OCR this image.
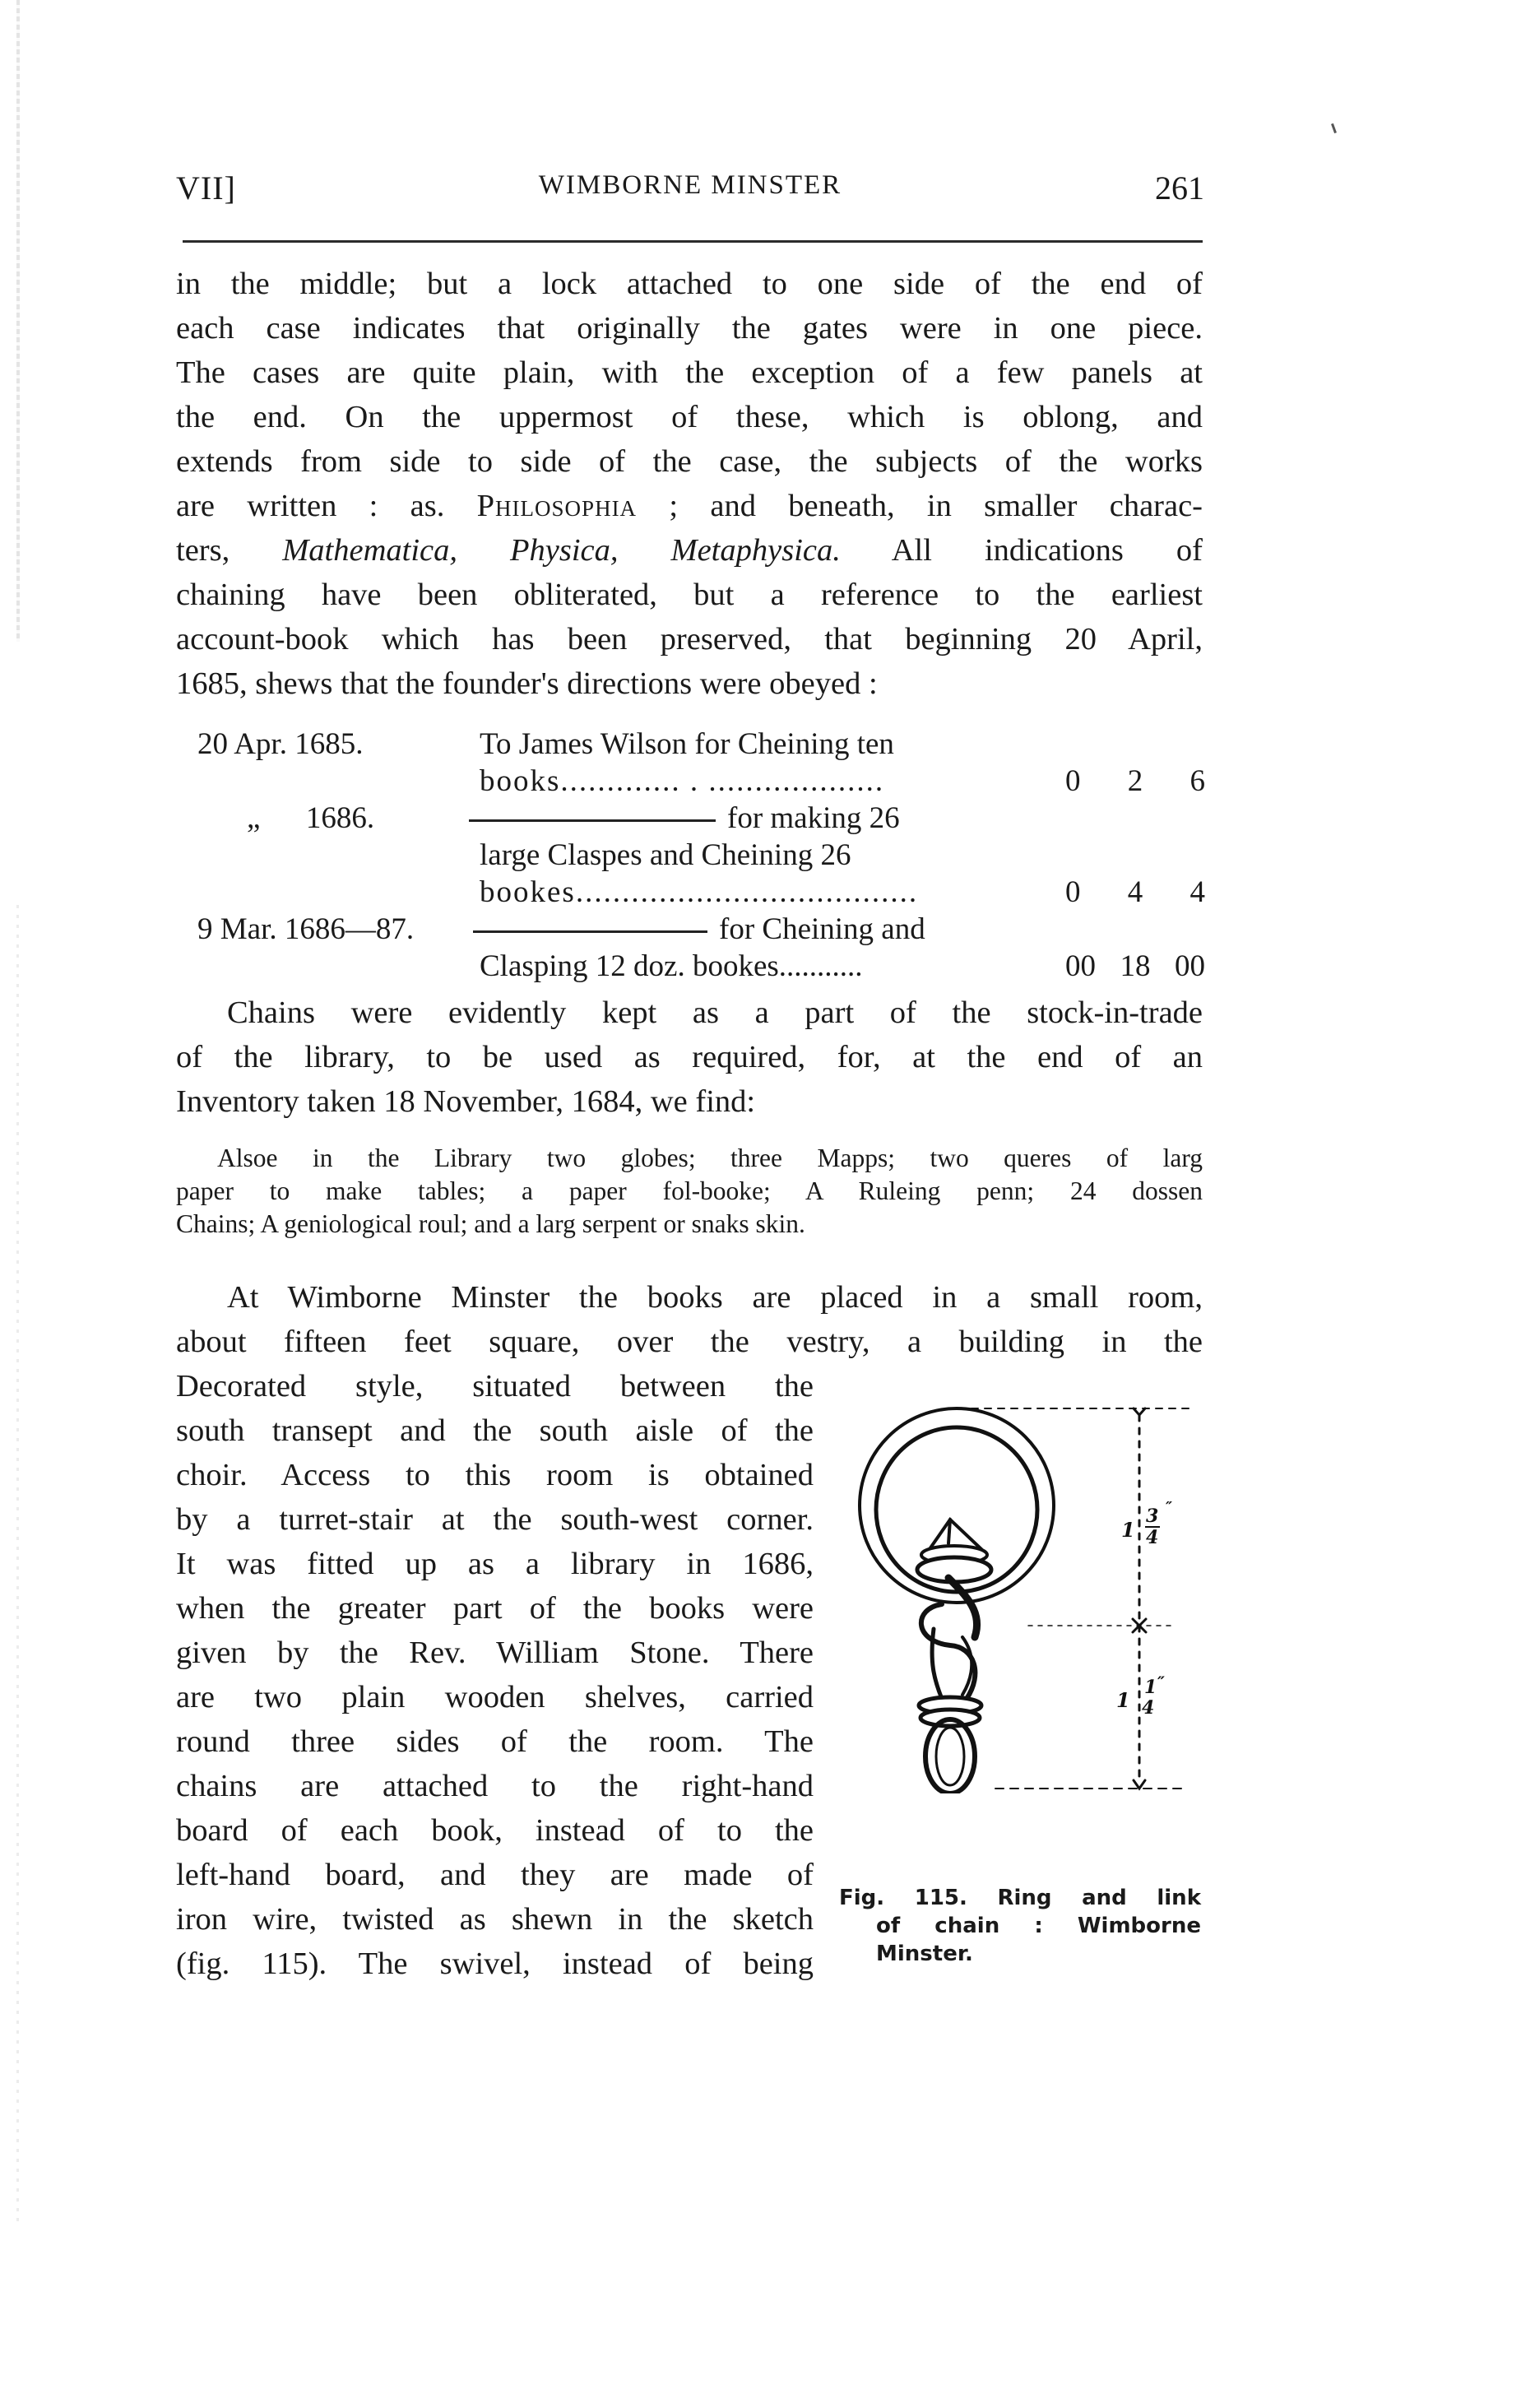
VII]	WIMBORNE MINSTER	261
in the middle; but a lock attached to one side of the end of
each case indicates that originally the gates were in one piece.
The cases are quite plain, with the exception of a few panels at
the end. On the uppermost of these, which is oblong, and
extends from side to side of the case, the subjects of the works
are written : as. Philosophia ; and beneath, in smaller charac-
ters, Mathematica, Physica, Metaphysica. All indications of
chaining have been obliterated, but a reference to the earliest
account-book which has been preserved, that beginning 20 April,
1685, shews that the founder's directions were obeyed :
20 Apr. 1685.	To James Wilson for Cheining ten
books............. . ...................	0 2 6
„      1686.	for making 26
large Claspes and Cheining 26
bookes.....................................	0 4 4
9 Mar. 1686—87.	for Cheining and
Clasping 12 doz. bookes...........	00 18 00
Chains were evidently kept as a part of the stock-in-trade
of the library, to be used as required, for, at the end of an
Inventory taken 18 November, 1684, we find:
Alsoe in the Library two globes; three Mapps; two queres of larg
paper to make tables; a paper fol-booke; A Ruleing penn; 24 dossen
Chains; A geniological roul; and a larg serpent or snaks skin.
At Wimborne Minster the books are placed in a small room,
about fifteen feet square, over the vestry, a building in the
Decorated style, situated between the
south transept and the south aisle of the
choir. Access to this room is obtained
by a turret-stair at the south-west corner.
It was fitted up as a library in 1686,
when the greater part of the books were
given by the Rev. William Stone. There
are two plain wooden shelves, carried
round three sides of the room. The
chains are attached to the right-hand
board of each book, instead of to the
left-hand board, and they are made of
iron wire, twisted as shewn in the sketch
(fig. 115). The swivel, instead of being
1
3
4
″
1
1 ″
4
Fig. 115. Ring and link
of chain : Wimborne
Minster.
